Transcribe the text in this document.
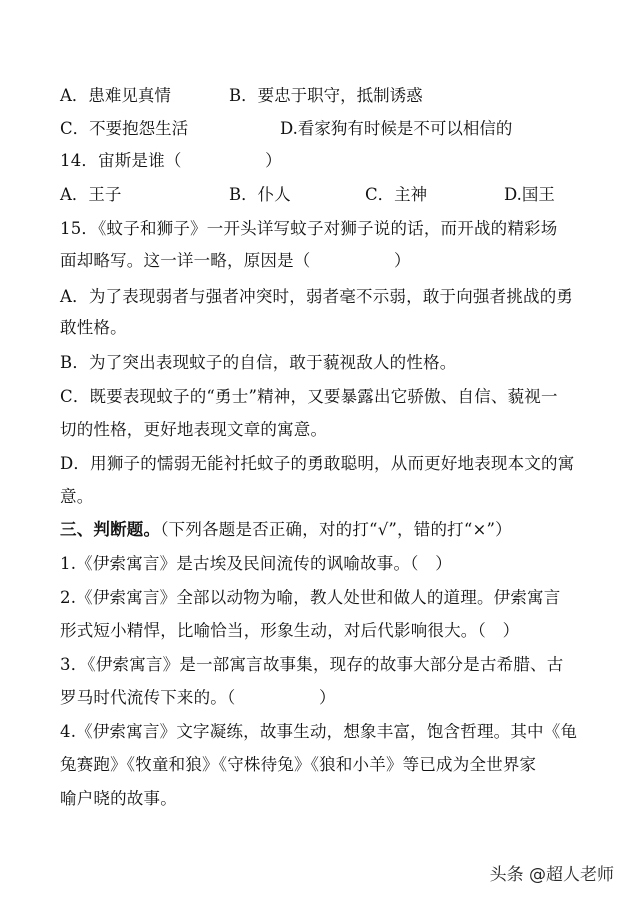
A．患难见真情	B．要忠于职守，抵制诱惑
C．不要抱怨生活	D.看家狗有时候是不可以相信的
14．宙斯是谁（　　　　　）
A．王子	B．仆人	C．主神	D.国王
15．《蚊子和狮子》一开头详写蚊子对狮子说的话，而开战的精彩场
面却略写。这一详一略，原因是（　　　　　）
A．为了表现弱者与强者冲突时，弱者毫不示弱，敢于向强者挑战的勇
敢性格。
B．为了突出表现蚊子的自信，敢于藐视敌人的性格。
C．既要表现蚊子的“勇士”精神，又要暴露出它骄傲、自信、藐视一
切的性格，更好地表现文章的寓意。
D．用狮子的懦弱无能衬托蚊子的勇敢聪明，从而更好地表现本文的寓
意。
三、判断题。（下列各题是否正确，对的打“√”，错的打“×”）
1.《伊索寓言》是古埃及民间流传的讽喻故事。（　）
2.《伊索寓言》全部以动物为喻，教人处世和做人的道理。伊索寓言
形式短小精悍，比喻恰当，形象生动，对后代影响很大。（　）
3．《伊索寓言》是一部寓言故事集，现存的故事大部分是古希腊、古
罗马时代流传下来的。（　　　　　）
4.《伊索寓言》文字凝练，故事生动，想象丰富，饱含哲理。其中《龟
兔赛跑》《牧童和狼》《守株待兔》《狼和小羊》等已成为全世界家
喻户晓的故事。
头条 @超人老师
